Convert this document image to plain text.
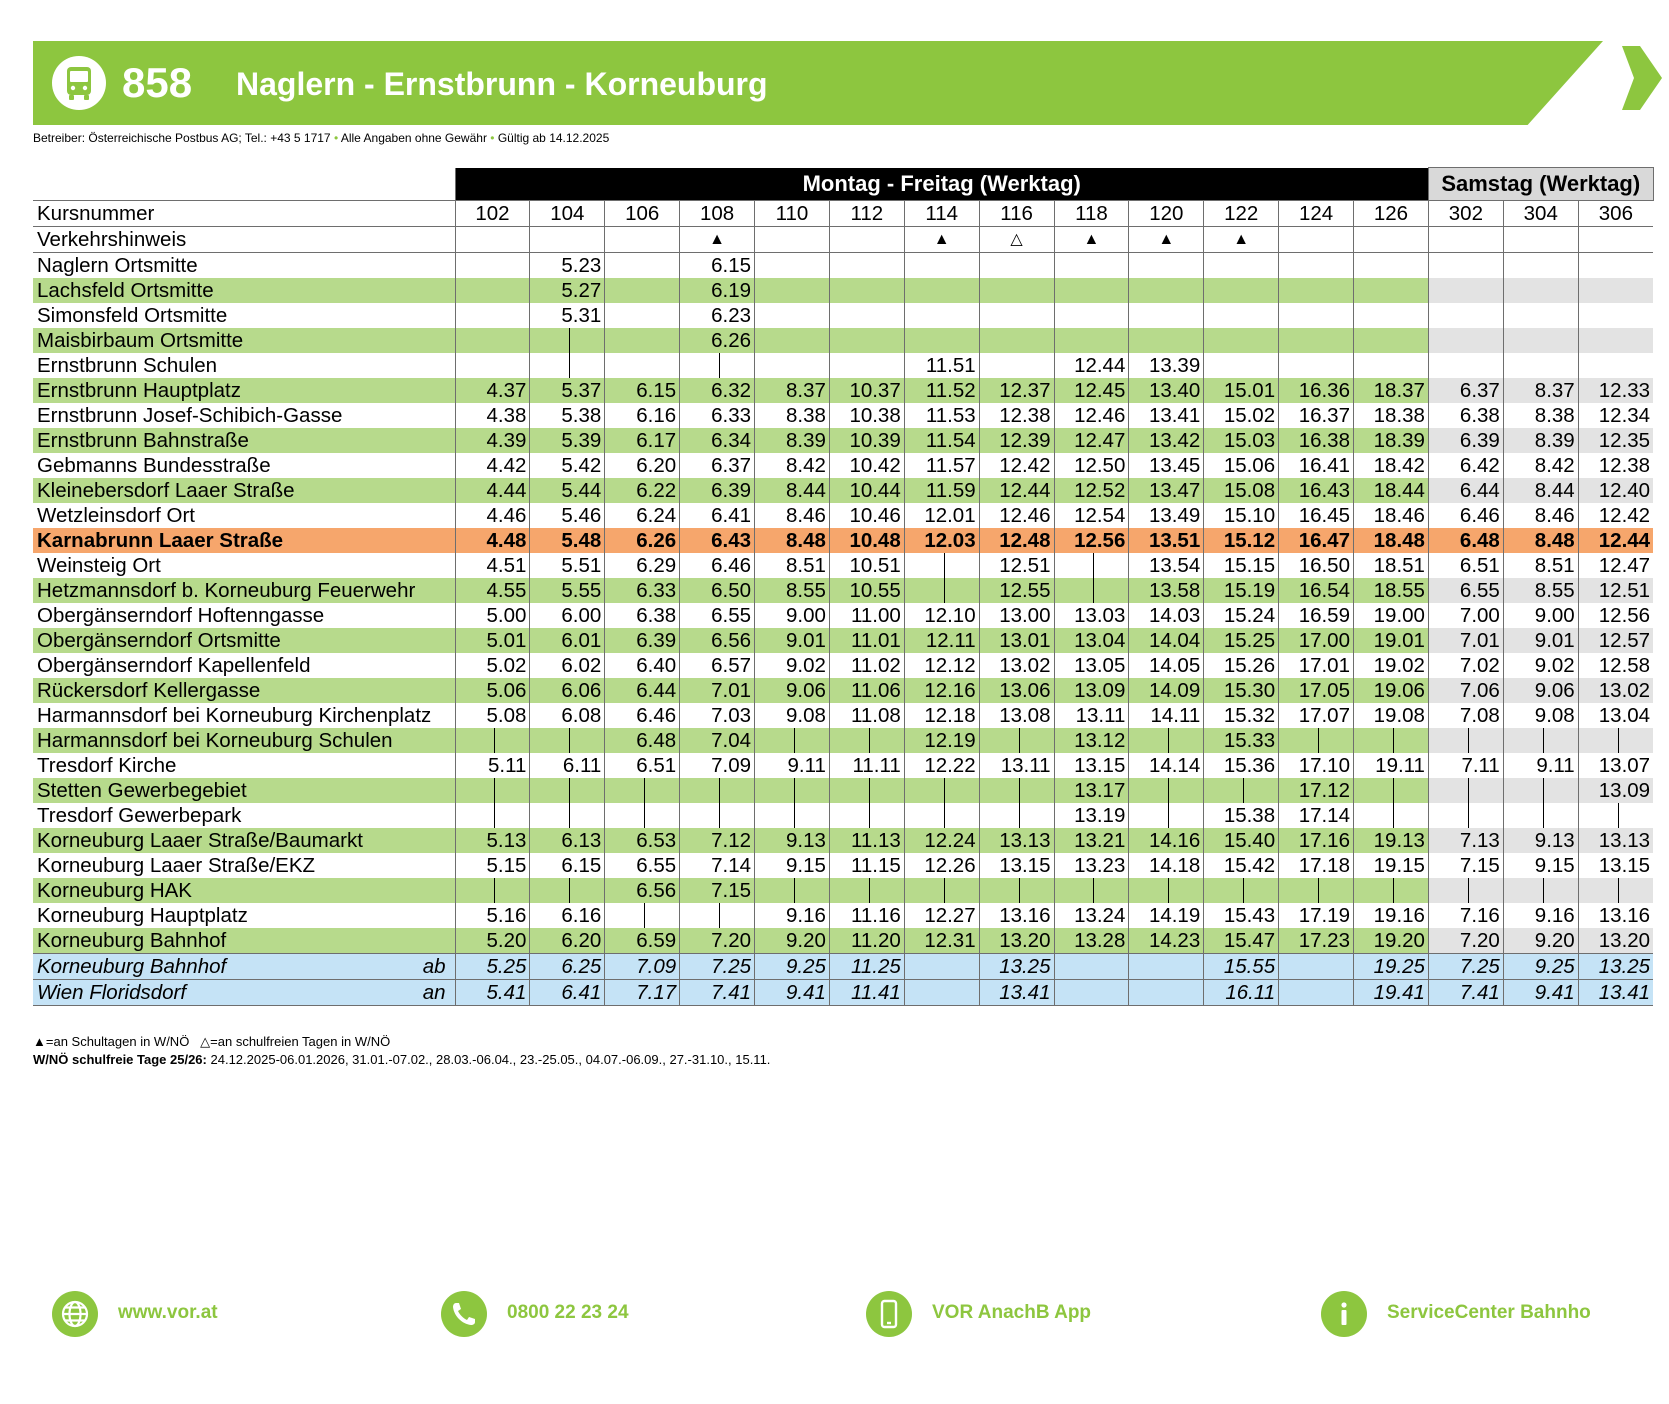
858 Naglern - Ernstbrunn - Korneuburg
Betreiber: Österreichische Postbus AG; Tel.: +43 5 1717 • Alle Angaben ohne Gewähr • Gültig ab 14.12.2025
	Montag - Freitag (Werktag)													Samstag (Werktag)		
Kursnummer	102	104	106	108	110	112	114	116	118	120	122	124	126	302	304	306
Verkehrshinweis				▲			▲	△	▲	▲	▲					
Naglern Ortsmitte		5.23		6.15												
Lachsfeld Ortsmitte		5.27		6.19												
Simonsfeld Ortsmitte		5.31		6.23												
Maisbirbaum Ortsmitte				6.26												
Ernstbrunn Schulen							11.51		12.44	13.39						
Ernstbrunn Hauptplatz	4.37	5.37	6.15	6.32	8.37	10.37	11.52	12.37	12.45	13.40	15.01	16.36	18.37	6.37	8.37	12.33
Ernstbrunn Josef-Schibich-Gasse	4.38	5.38	6.16	6.33	8.38	10.38	11.53	12.38	12.46	13.41	15.02	16.37	18.38	6.38	8.38	12.34
Ernstbrunn Bahnstraße	4.39	5.39	6.17	6.34	8.39	10.39	11.54	12.39	12.47	13.42	15.03	16.38	18.39	6.39	8.39	12.35
Gebmanns Bundesstraße	4.42	5.42	6.20	6.37	8.42	10.42	11.57	12.42	12.50	13.45	15.06	16.41	18.42	6.42	8.42	12.38
Kleinebersdorf Laaer Straße	4.44	5.44	6.22	6.39	8.44	10.44	11.59	12.44	12.52	13.47	15.08	16.43	18.44	6.44	8.44	12.40
Wetzleinsdorf Ort	4.46	5.46	6.24	6.41	8.46	10.46	12.01	12.46	12.54	13.49	15.10	16.45	18.46	6.46	8.46	12.42
Karnabrunn Laaer Straße	4.48	5.48	6.26	6.43	8.48	10.48	12.03	12.48	12.56	13.51	15.12	16.47	18.48	6.48	8.48	12.44
Weinsteig Ort	4.51	5.51	6.29	6.46	8.51	10.51		12.51		13.54	15.15	16.50	18.51	6.51	8.51	12.47
Hetzmannsdorf b. Korneuburg Feuerwehr	4.55	5.55	6.33	6.50	8.55	10.55		12.55		13.58	15.19	16.54	18.55	6.55	8.55	12.51
Obergänserndorf Hoftenngasse	5.00	6.00	6.38	6.55	9.00	11.00	12.10	13.00	13.03	14.03	15.24	16.59	19.00	7.00	9.00	12.56
Obergänserndorf Ortsmitte	5.01	6.01	6.39	6.56	9.01	11.01	12.11	13.01	13.04	14.04	15.25	17.00	19.01	7.01	9.01	12.57
Obergänserndorf Kapellenfeld	5.02	6.02	6.40	6.57	9.02	11.02	12.12	13.02	13.05	14.05	15.26	17.01	19.02	7.02	9.02	12.58
Rückersdorf Kellergasse	5.06	6.06	6.44	7.01	9.06	11.06	12.16	13.06	13.09	14.09	15.30	17.05	19.06	7.06	9.06	13.02
Harmannsdorf bei Korneuburg Kirchenplatz	5.08	6.08	6.46	7.03	9.08	11.08	12.18	13.08	13.11	14.11	15.32	17.07	19.08	7.08	9.08	13.04
Harmannsdorf bei Korneuburg Schulen			6.48	7.04			12.19		13.12		15.33					
Tresdorf Kirche	5.11	6.11	6.51	7.09	9.11	11.11	12.22	13.11	13.15	14.14	15.36	17.10	19.11	7.11	9.11	13.07
Stetten Gewerbegebiet									13.17			17.12				13.09
Tresdorf Gewerbepark									13.19		15.38	17.14				
Korneuburg Laaer Straße/Baumarkt	5.13	6.13	6.53	7.12	9.13	11.13	12.24	13.13	13.21	14.16	15.40	17.16	19.13	7.13	9.13	13.13
Korneuburg Laaer Straße/EKZ	5.15	6.15	6.55	7.14	9.15	11.15	12.26	13.15	13.23	14.18	15.42	17.18	19.15	7.15	9.15	13.15
Korneuburg HAK			6.56	7.15												
Korneuburg Hauptplatz	5.16	6.16			9.16	11.16	12.27	13.16	13.24	14.19	15.43	17.19	19.16	7.16	9.16	13.16
Korneuburg Bahnhof	5.20	6.20	6.59	7.20	9.20	11.20	12.31	13.20	13.28	14.23	15.47	17.23	19.20	7.20	9.20	13.20
Korneuburg Bahnhof ab	5.25	6.25	7.09	7.25	9.25	11.25		13.25			15.55		19.25	7.25	9.25	13.25
Wien Floridsdorf an	5.41	6.41	7.17	7.41	9.41	11.41		13.41			16.11		19.41	7.41	9.41	13.41
▲=an Schultagen in W/NÖ △=an schulfreien Tagen in W/NÖ
W/NÖ schulfreie Tage 25/26: 24.12.2025-06.01.2026, 31.01.-07.02., 28.03.-06.04., 23.-25.05., 04.07.-06.09., 27.-31.10., 15.11.
www.vor.at	0800 22 23 24	VOR AnachB App	ServiceCenter Bahnho
